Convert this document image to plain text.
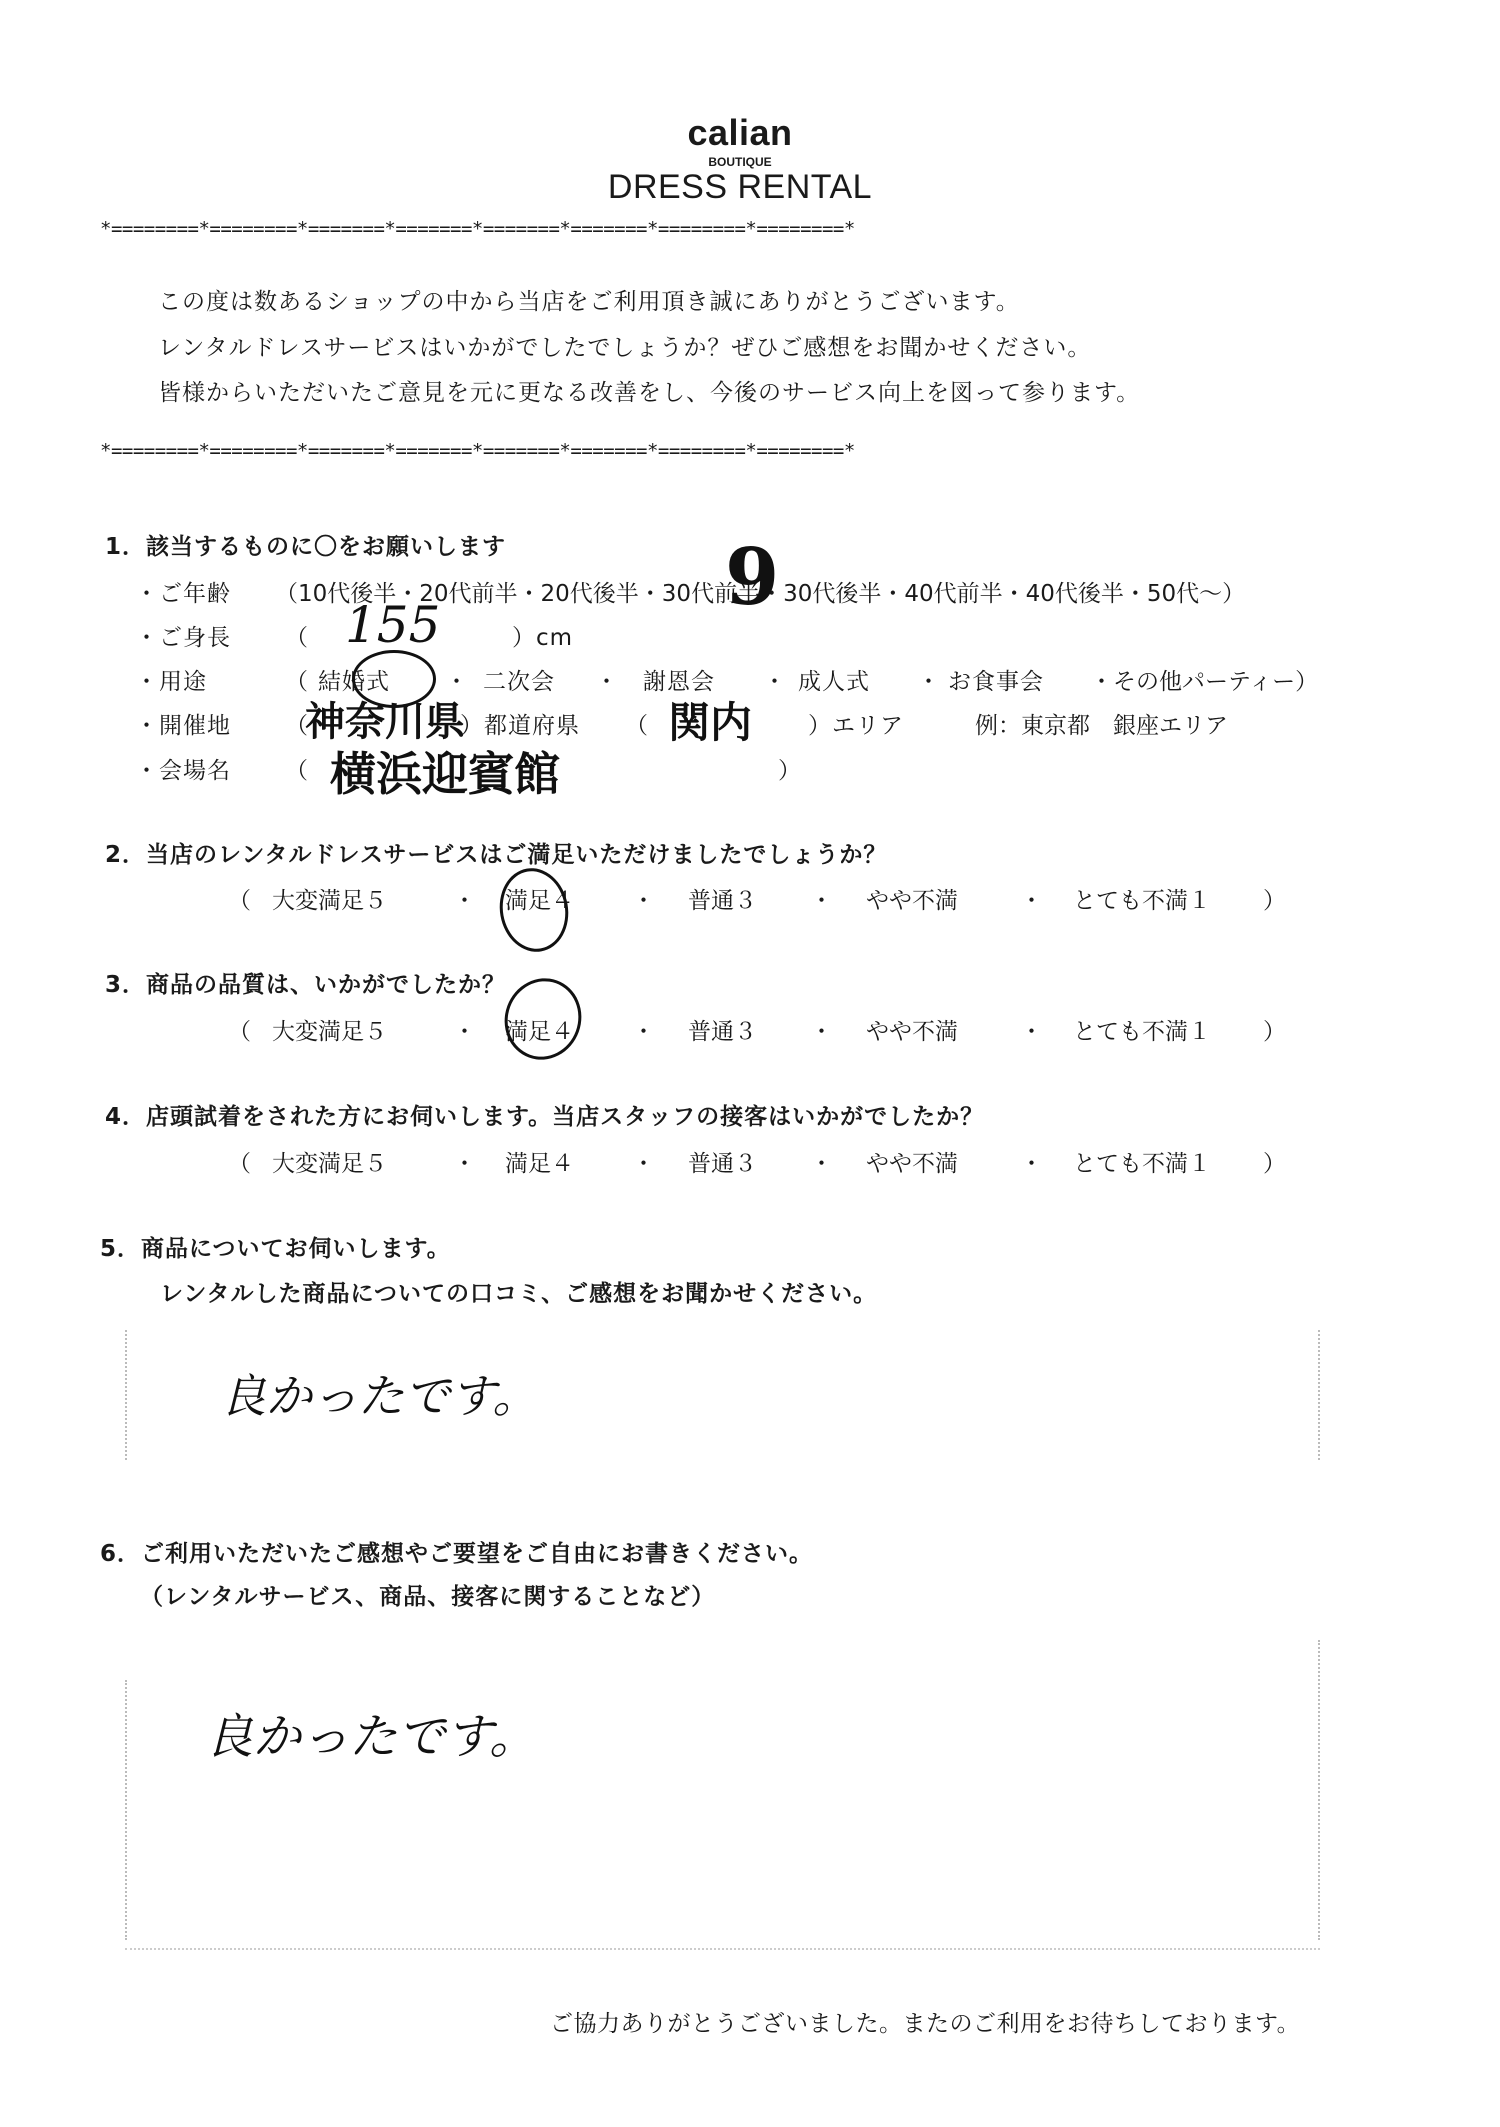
calian
BOUTIQUE
DRESS RENTAL
*========*========*=======*=======*=======*=======*========*========*
この度は数あるショップの中から当店をご利用頂き誠にありがとうございます。
レンタルドレスサービスはいかがでしたでしょうか？ぜひご感想をお聞かせください。
皆様からいただいたご意見を元に更なる改善をし、今後のサービス向上を図って参ります。
*========*========*=======*=======*=======*=======*========*========*
1．該当するものに〇をお願いします
・ご年齢 （10代後半・20代前半・20代後半・30代前半・30代後半・40代前半・40代後半・50代～）
9
・ご身長 （ 155	）cm
・用途	（ 結婚式 ・ 二次会 ・ 謝恩会 ・ 成人式 ・ お食事会 ・その他パーティー）
・開催地 （
神奈川県
）都道府県 （ 関内 ）エリア	例：東京都　銀座エリア
・会場名 （ 横浜迎賓館	）
2．当店のレンタルドレスサービスはご満足いただけましたでしょうか？
（ 大変満足５	・ 満足４	・ 普通３ ・ やや不満	・ とても不満１ ）
3．商品の品質は、いかがでしたか？
（ 大変満足５	・ 満足４	・ 普通３ ・ やや不満	・ とても不満１ ）
4．店頭試着をされた方にお伺いします。当店スタッフの接客はいかがでしたか？
（ 大変満足５	・ 満足４	・ 普通３ ・ やや不満	・ とても不満１ ）
5．商品についてお伺いします。
レンタルした商品についての口コミ、ご感想をお聞かせください。
良かったです。
6．ご利用いただいたご感想やご要望をご自由にお書きください。
（レンタルサービス、商品、接客に関することなど）
良かったです。
ご協力ありがとうございました。またのご利用をお待ちしております。
